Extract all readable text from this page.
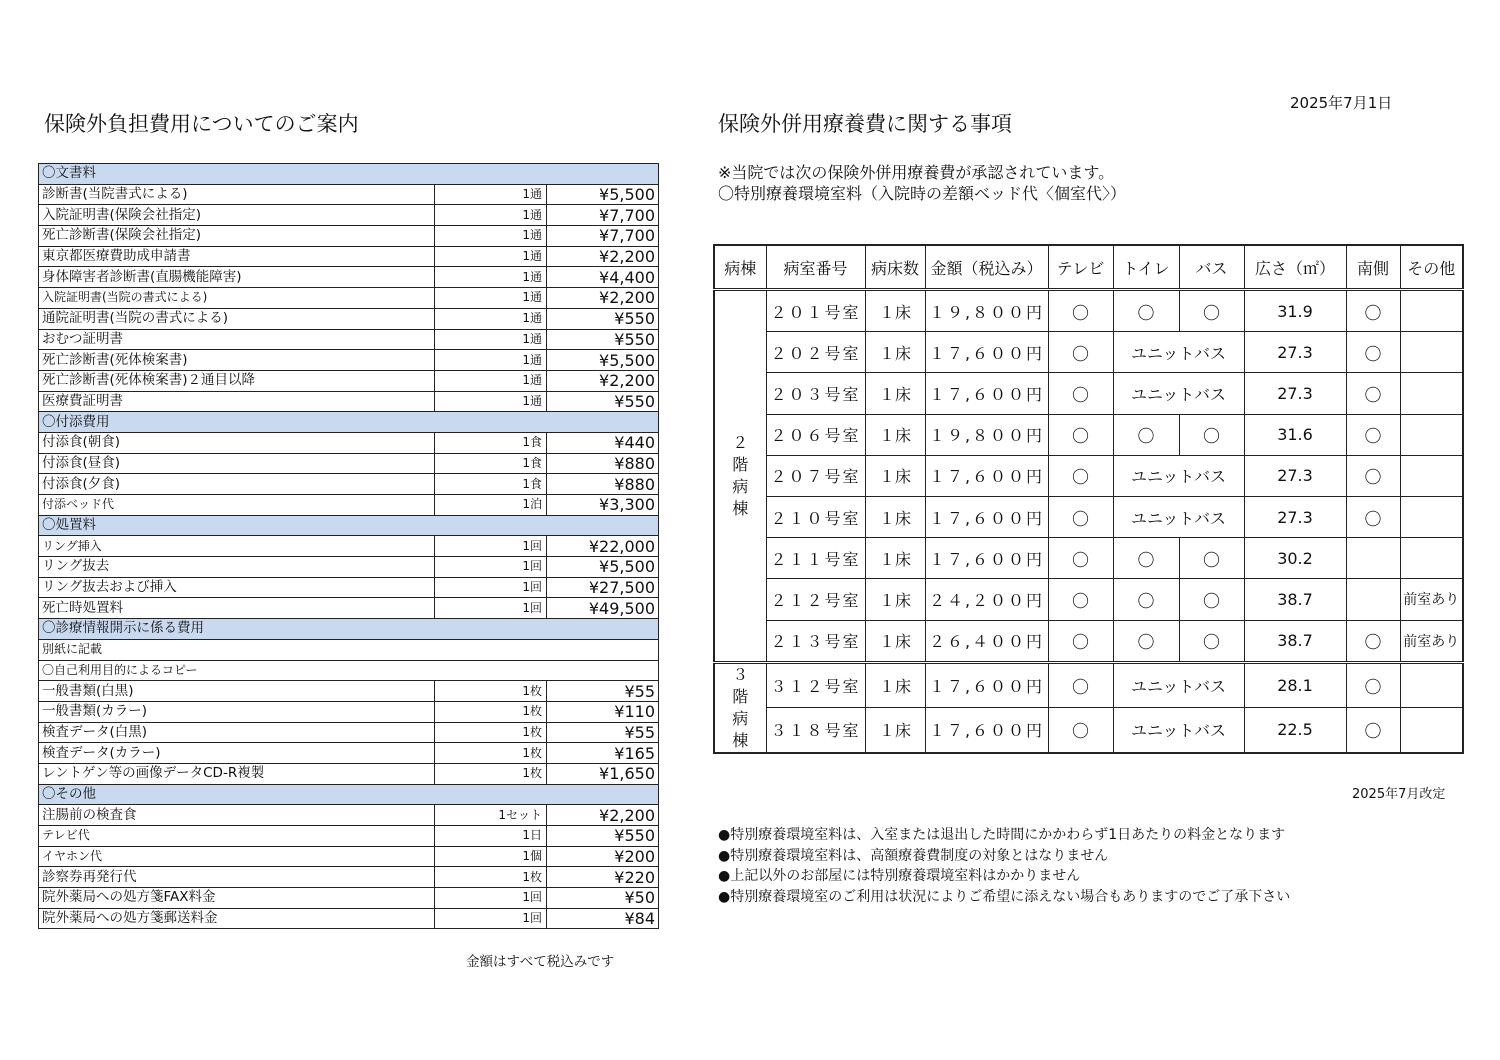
2025年7月1日
保険外負担費用についてのご案内	保険外併用療養費に関する事項
〇文書料		
診断書(当院書式による)	1通	¥5,500
入院証明書(保険会社指定)	1通	¥7,700
死亡診断書(保険会社指定)	1通	¥7,700
東京都医療費助成申請書	1通	¥2,200
身体障害者診断書(直腸機能障害)	1通	¥4,400
入院証明書(当院の書式による)	1通	¥2,200
通院証明書(当院の書式による)	1通	¥550
おむつ証明書	1通	¥550
死亡診断書(死体検案書)	1通	¥5,500
死亡診断書(死体検案書)２通目以降	1通	¥2,200
医療費証明書	1通	¥550
〇付添費用		
付添食(朝食)	1食	¥440
付添食(昼食)	1食	¥880
付添食(夕食)	1食	¥880
付添ベッド代	1泊	¥3,300
〇処置料		
リング挿入	1回	¥22,000
リング抜去	1回	¥5,500
リング抜去および挿入	1回	¥27,500
死亡時処置料	1回	¥49,500
〇診療情報開示に係る費用		
別紙に記載		
〇自己利用目的によるコピー		
一般書類(白黒)	1枚	¥55
一般書類(カラー)	1枚	¥110
検査データ(白黒)	1枚	¥55
検査データ(カラー)	1枚	¥165
レントゲン等の画像データCD-R複製	1枚	¥1,650
〇その他		
注腸前の検査食	1セット	¥2,200
テレビ代	1日	¥550
イヤホン代	1個	¥200
診察券再発行代	1枚	¥220
院外薬局への処方箋FAX料金	1回	¥50
院外薬局への処方箋郵送料金	1回	¥84
金額はすべて税込みです
※当院では次の保険外併用療養費が承認されています。
〇特別療養環境室料（入院時の差額ベッド代〈個室代〉）
病棟	病室番号	病床数	金額（税込み）	テレビ	トイレ	バス	広さ（㎡）	南側	その他

２
階
病
棟	２０１号室	１床	１９,８００円	〇	〇	〇	31.9	〇	
	２０２号室	１床	１７,６００円	〇	ユニットバス		27.3	〇	
	２０３号室	１床	１７,６００円	〇	ユニットバス		27.3	〇	
	２０６号室	１床	１９,８００円	〇	〇	〇	31.6	〇	
	２０７号室	１床	１７,６００円	〇	ユニットバス		27.3	〇	
	２１０号室	１床	１７,６００円	〇	ユニットバス		27.3	〇	
	２１１号室	１床	１７,６００円	〇	〇	〇	30.2		
	２１２号室	１床	２４,２００円	〇	〇	〇	38.7		前室あり
	２１３号室	１床	２６,４００円	〇	〇	〇	38.7	〇	前室あり

３
階
病
棟	３１２号室	１床	１７,６００円	〇	ユニットバス		28.1	〇	
	３１８号室	１床	１７,６００円	〇	ユニットバス		22.5	〇	
2025年7月改定
●特別療養環境室料は、入室または退出した時間にかかわらず1日あたりの料金となります
●特別療養環境室料は、高額療養費制度の対象とはなりません
●上記以外のお部屋には特別療養環境室料はかかりません
●特別療養環境室のご利用は状況によりご希望に添えない場合もありますのでご了承下さい
